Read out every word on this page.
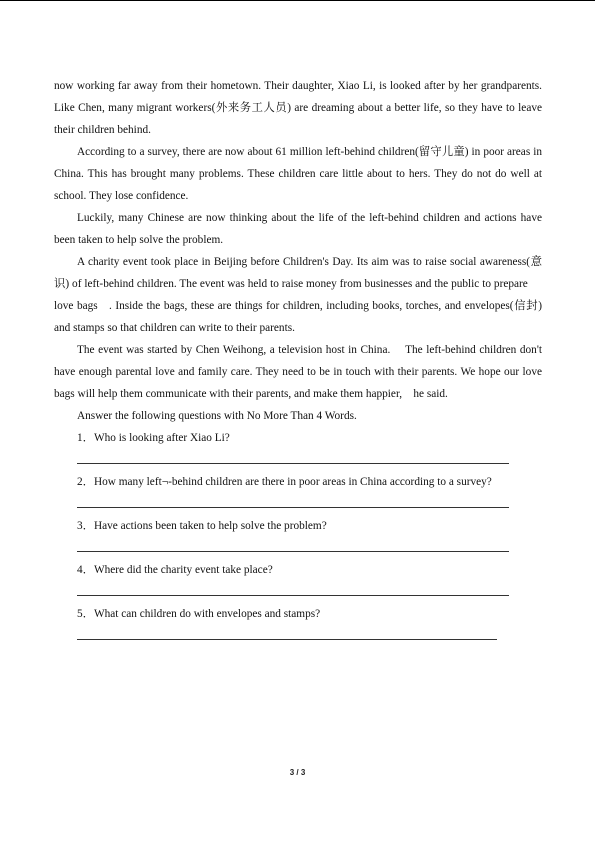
now working far away from their hometown. Their daughter, Xiao Li, is looked after by her grandparents. Like Chen, many migrant workers(外来务工人员) are dreaming about a better life, so they have to leave their children behind.

According to a survey, there are now about 61 million left-behind children(留守儿童) in poor areas in China. This has brought many problems. These children care little about to hers. They do not do well at school. They lose confidence.

Luckily, many Chinese are now thinking about the life of the left-behind children and actions have been taken to help solve the problem.

A charity event took place in Beijing before Children's Day. Its aim was to raise social awareness(意识) of left-behind children. The event was held to raise money from businesses and the public to prepare  love bags . Inside the bags, these are things for children, including books, torches, and envelopes(信封) and stamps so that children can write to their parents.

The event was started by Chen Weihong, a television host in China.  The left-behind children don't have enough parental love and family care. They need to be in touch with their parents. We hope our love bags will help them communicate with their parents, and make them happier, he said.

Answer the following questions with No More Than 4 Words.

1．Who is looking after Xiao Li?

2．How many left¬-behind children are there in poor areas in China according to a survey?

3．Have actions been taken to help solve the problem?

4．Where did the charity event take place?

5．What can children do with envelopes and stamps?

3 / 3
